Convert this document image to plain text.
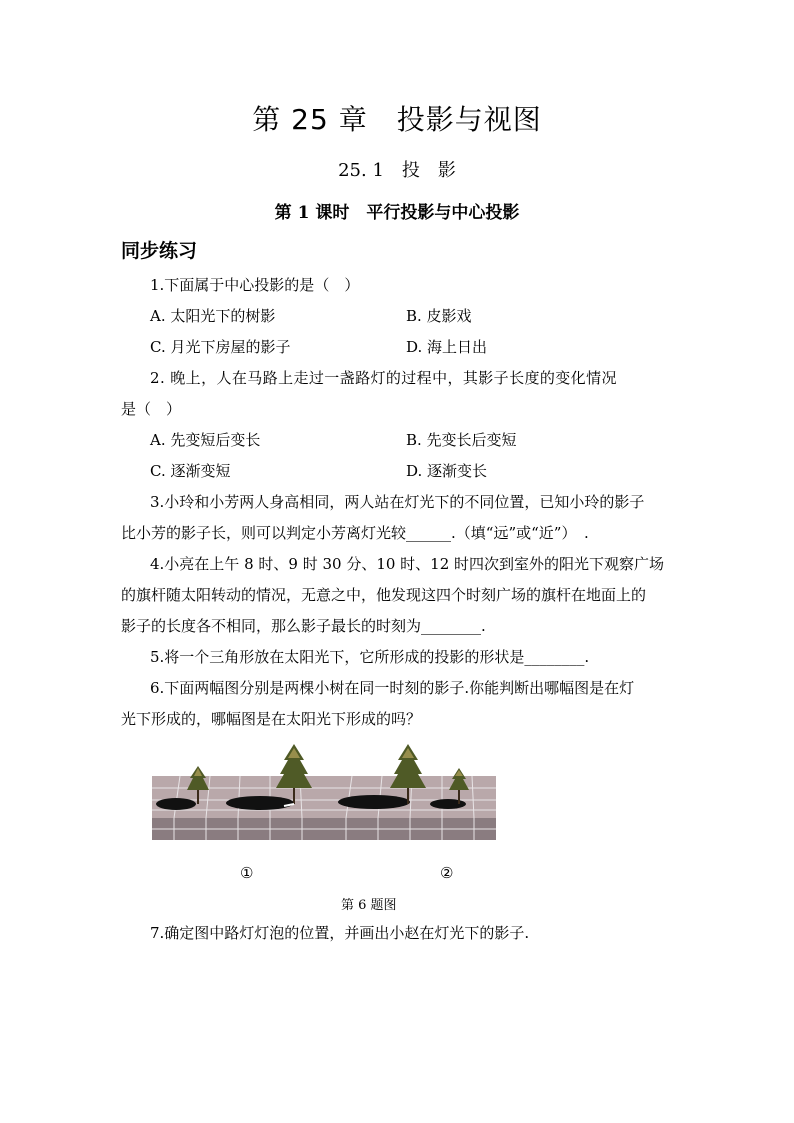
第 25 章　投影与视图
25. 1　投　影
第 1 课时　平行投影与中心投影
同步练习
1.下面属于中心投影的是（　）
A. 太阳光下的树影	B. 皮影戏
C. 月光下房屋的影子	D. 海上日出
2. 晚上，人在马路上走过一盏路灯的过程中，其影子长度的变化情况
是（　）
A. 先变短后变长	B. 先变长后变短
C. 逐渐变短	D. 逐渐变长
3.小玲和小芳两人身高相同，两人站在灯光下的不同位置，已知小玲的影子
比小芳的影子长，则可以判定小芳离灯光较______.（填“远”或“近”）　.
4.小亮在上午 8 时、9 时 30 分、10 时、12 时四次到室外的阳光下观察广场
的旗杆随太阳转动的情况，无意之中，他发现这四个时刻广场的旗杆在地面上的
影子的长度各不相同，那么影子最长的时刻为________.
5.将一个三角形放在太阳光下，它所形成的投影的形状是________.
6.下面两幅图分别是两棵小树在同一时刻的影子.你能判断出哪幅图是在灯
光下形成的，哪幅图是在太阳光下形成的吗？
①	②
第 6 题图
7.确定图中路灯灯泡的位置，并画出小赵在灯光下的影子.
